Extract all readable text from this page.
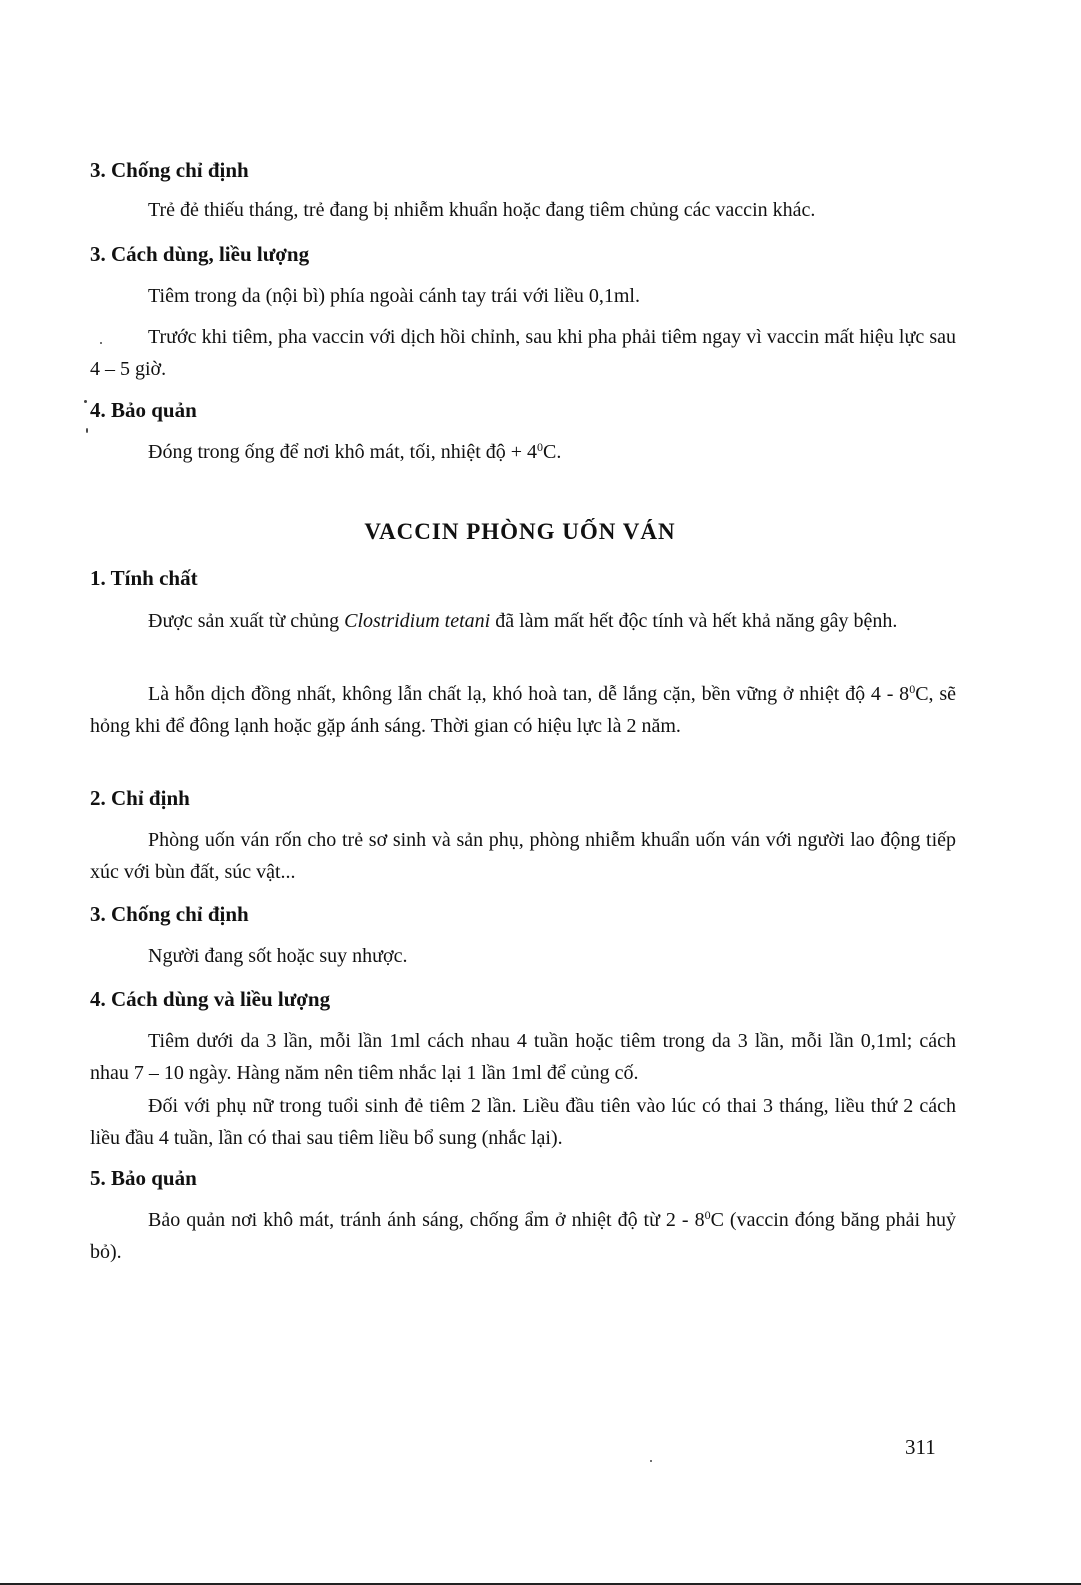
3. Chống chỉ định

Trẻ đẻ thiếu tháng, trẻ đang bị nhiễm khuẩn hoặc đang tiêm chủng các vaccin khác.

3. Cách dùng, liều lượng

Tiêm trong da (nội bì) phía ngoài cánh tay trái với liều 0,1ml.

Trước khi tiêm, pha vaccin với dịch hồi chỉnh, sau khi pha phải tiêm ngay vì vaccin mất hiệu lực sau 4 – 5 giờ.

4. Bảo quản

Đóng trong ống để nơi khô mát, tối, nhiệt độ + $4^0C$.

VACCIN PHÒNG UỐN VÁN
1. Tính chất

Được sản xuất từ chủng Clostridium tetani đã làm mất hết độc tính và hết khả năng gây bệnh.

Là hỗn dịch đồng nhất, không lẫn chất lạ, khó hoà tan, dễ lắng cặn, bền vững ở nhiệt độ $4 - 8^0C$, sẽ hỏng khi để đông lạnh hoặc gặp ánh sáng. Thời gian có hiệu lực là 2 năm.

2. Chỉ định

Phòng uốn ván rốn cho trẻ sơ sinh và sản phụ, phòng nhiễm khuẩn uốn ván với người lao động tiếp xúc với bùn đất, súc vật...

3. Chống chỉ định

Người đang sốt hoặc suy nhược.

4. Cách dùng và liều lượng

Tiêm dưới da 3 lần, mỗi lần 1ml cách nhau 4 tuần hoặc tiêm trong da 3 lần, mỗi lần 0,1ml; cách nhau 7 – 10 ngày. Hàng năm nên tiêm nhắc lại 1 lần 1ml để củng cố.

Đối với phụ nữ trong tuổi sinh đẻ tiêm 2 lần. Liều đầu tiên vào lúc có thai 3 tháng, liều thứ 2 cách liều đầu 4 tuần, lần có thai sau tiêm liều bổ sung (nhắc lại).

5. Bảo quản

Bảo quản nơi khô mát, tránh ánh sáng, chống ẩm ở nhiệt độ từ $2 - 8^0C$ (vaccin đóng băng phải huỷ bỏ).

311
